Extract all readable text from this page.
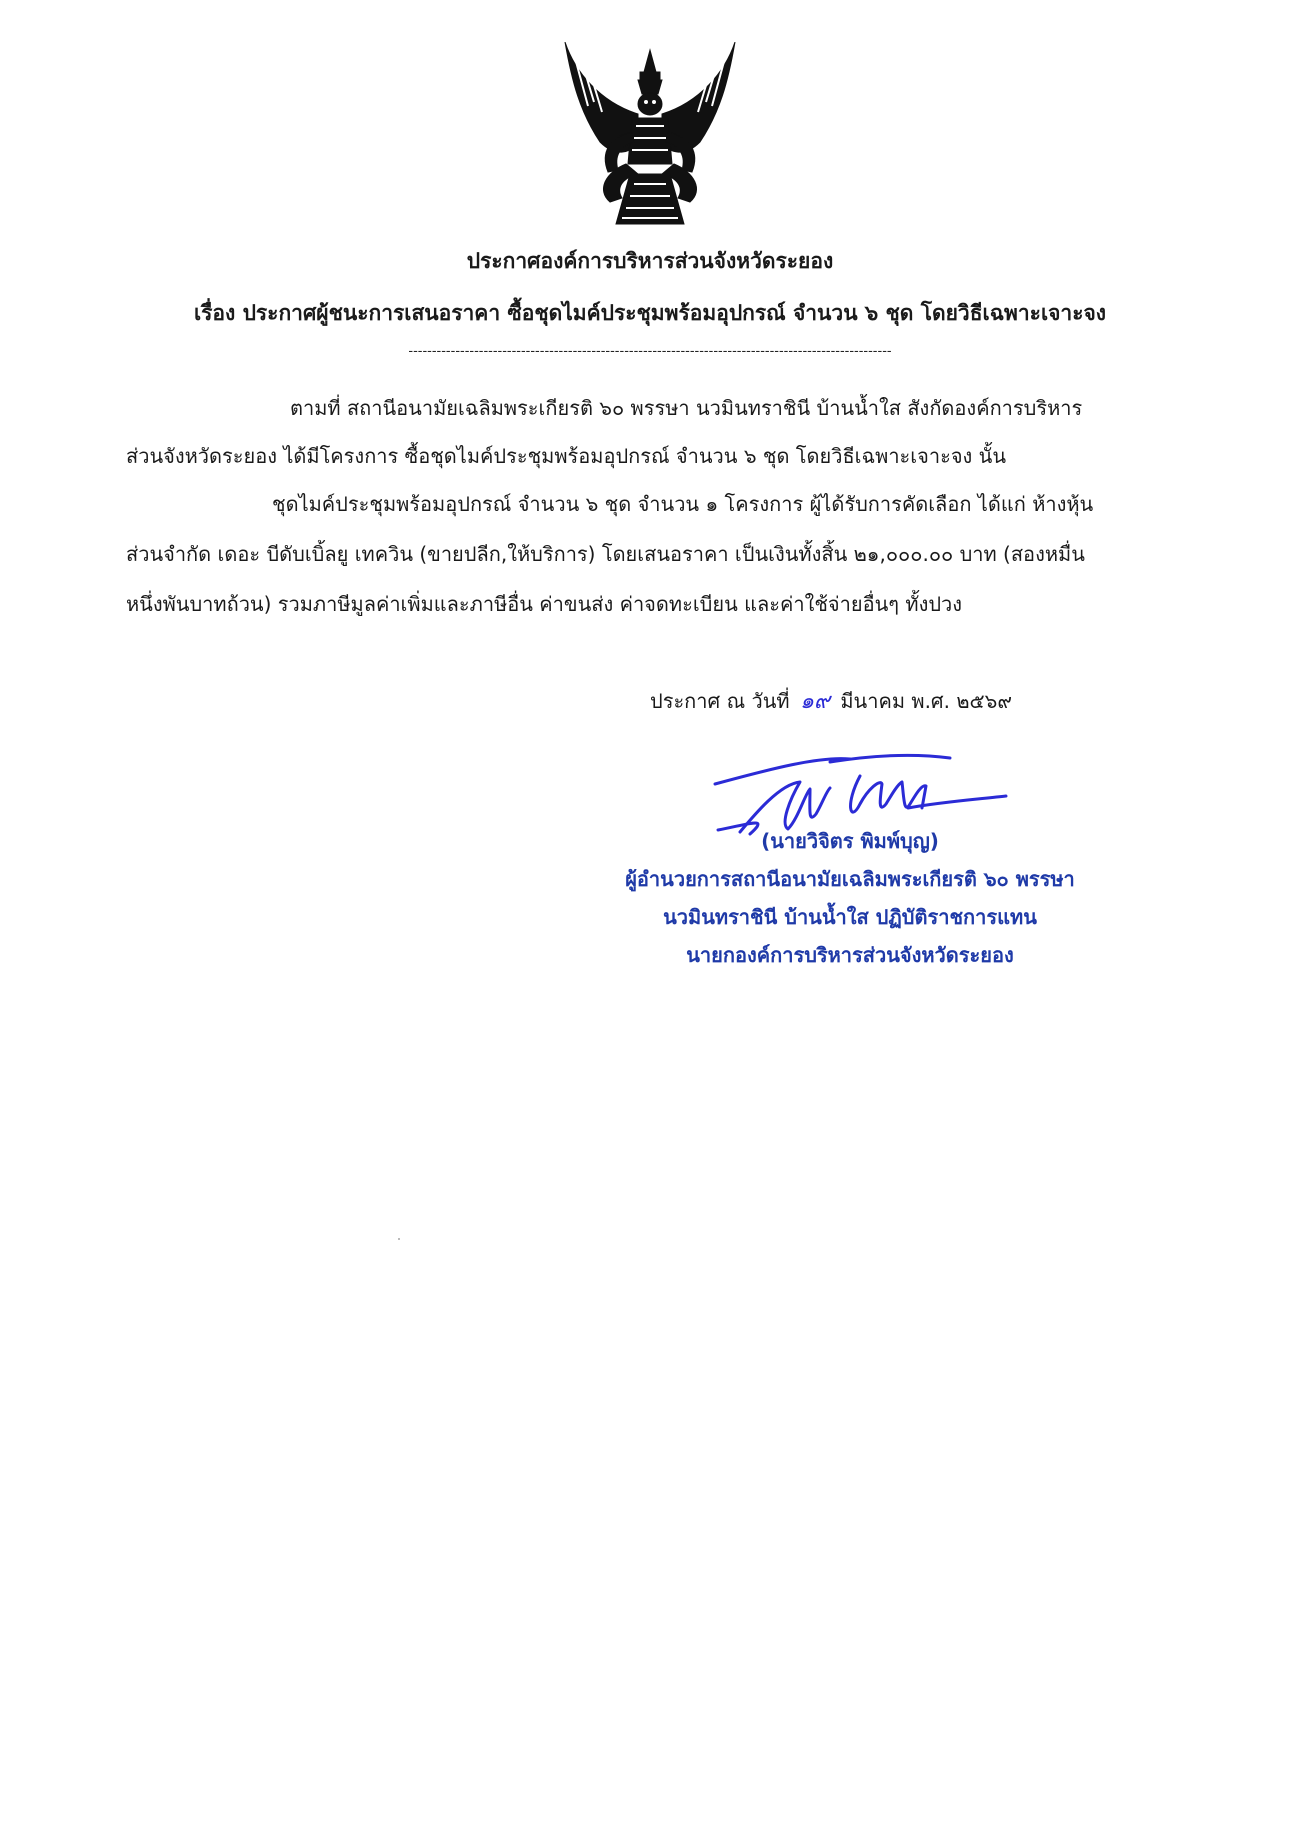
ประกาศองค์การบริหารส่วนจังหวัดระยอง
เรื่อง ประกาศผู้ชนะการเสนอราคา ซื้อชุดไมค์ประชุมพร้อมอุปกรณ์ จำนวน ๖ ชุด โดยวิธีเฉพาะเจาะจง
-------------------------------------------------------------------------------------------------------
ตามที่ สถานีอนามัยเฉลิมพระเกียรติ ๖๐ พรรษา นวมินทราชินี บ้านน้ำใส สังกัดองค์การบริหาร
ส่วนจังหวัดระยอง ได้มีโครงการ ซื้อชุดไมค์ประชุมพร้อมอุปกรณ์ จำนวน ๖ ชุด โดยวิธีเฉพาะเจาะจง นั้น
ชุดไมค์ประชุมพร้อมอุปกรณ์ จำนวน ๖ ชุด จำนวน ๑ โครงการ ผู้ได้รับการคัดเลือก ได้แก่ ห้างหุ้น
ส่วนจำกัด เดอะ บีดับเบิ้ลยู เทควิน (ขายปลีก,ให้บริการ) โดยเสนอราคา เป็นเงินทั้งสิ้น ๒๑,๐๐๐.๐๐ บาท (สองหมื่น
หนึ่งพันบาทถ้วน) รวมภาษีมูลค่าเพิ่มและภาษีอื่น ค่าขนส่ง ค่าจดทะเบียน และค่าใช้จ่ายอื่นๆ ทั้งปวง
ประกาศ ณ วันที่ ๑๙ มีนาคม พ.ศ. ๒๕๖๙
(นายวิจิตร พิมพ์บุญ)
ผู้อำนวยการสถานีอนามัยเฉลิมพระเกียรติ ๖๐ พรรษา
นวมินทราชินี บ้านน้ำใส ปฏิบัติราชการแทน
นายกองค์การบริหารส่วนจังหวัดระยอง
